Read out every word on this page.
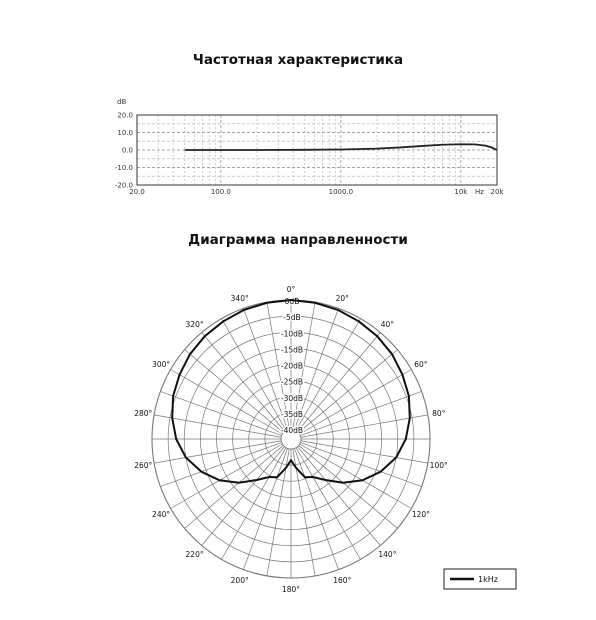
Частотная характеристика
Диаграмма направленности
dB
Hz
20.0
10.0
0.0
-10.0
-20.0
20.0	100.0	1000.0	10k	20k
0dB
-5dB
-10dB
-15dB
-20dB
-25dB
-30dB
-35dB
-40dB
0°
20°
40°
60°
80°
100°
120°
140°
160°
180°
200°
220°
240°
260°
280°
300°
320°
340°
1kHz
